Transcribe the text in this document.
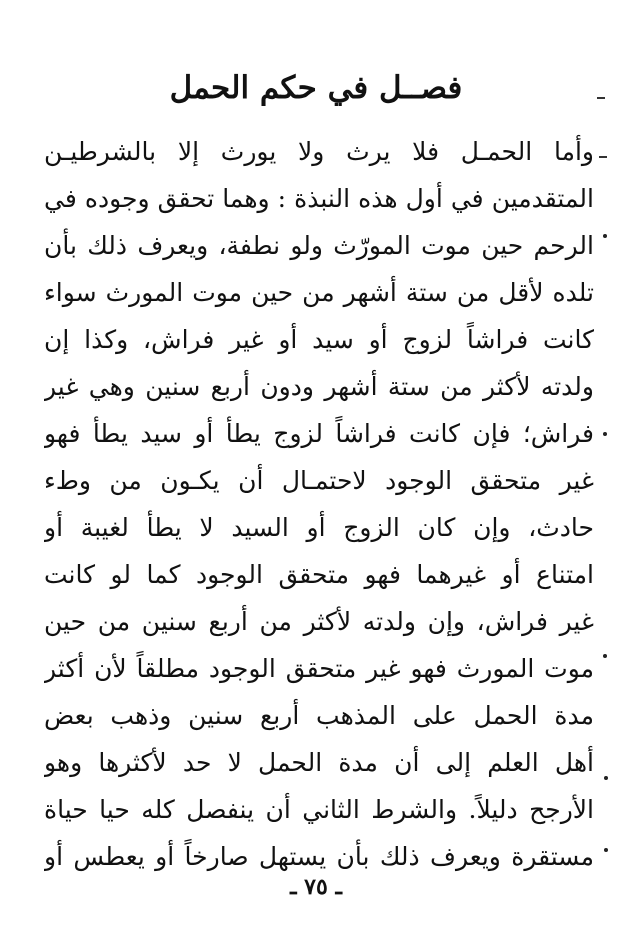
فصــل في حكم الحمل
وأما الحمـل فلا يرث ولا يورث إلا بالشرطيـن
المتقدمين في أول هذه النبذة : وهما تحقق وجوده في
الرحم حين موت المورّث ولو نطفة، ويعرف ذلك بأن
تلده لأقل من ستة أشهر من حين موت المورث سواء
كانت فراشاً لزوج أو سيد أو غير فراش، وكذا إن
ولدته لأكثر من ستة أشهر ودون أربع سنين وهي غير
فراش؛ فإن كانت فراشاً لزوج يطأ أو سيد يطأ فهو
غير متحقق الوجود لاحتمـال أن يكـون من وطء
حادث، وإن كان الزوج أو السيد لا يطأ لغيبة أو
امتناع أو غيرهما فهو متحقق الوجود كما لو كانت
غير فراش، وإن ولدته لأكثر من أربع سنين من حين
موت المورث فهو غير متحقق الوجود مطلقاً لأن أكثر
مدة الحمل على المذهب أربع سنين وذهب بعض
أهل العلم إلى أن مدة الحمل لا حد لأكثرها وهو
الأرجح دليلاً. والشرط الثاني أن ينفصل كله حيا حياة
مستقرة ويعرف ذلك بأن يستهل صارخاً أو يعطس أو
ـ ٧٥ ـ
